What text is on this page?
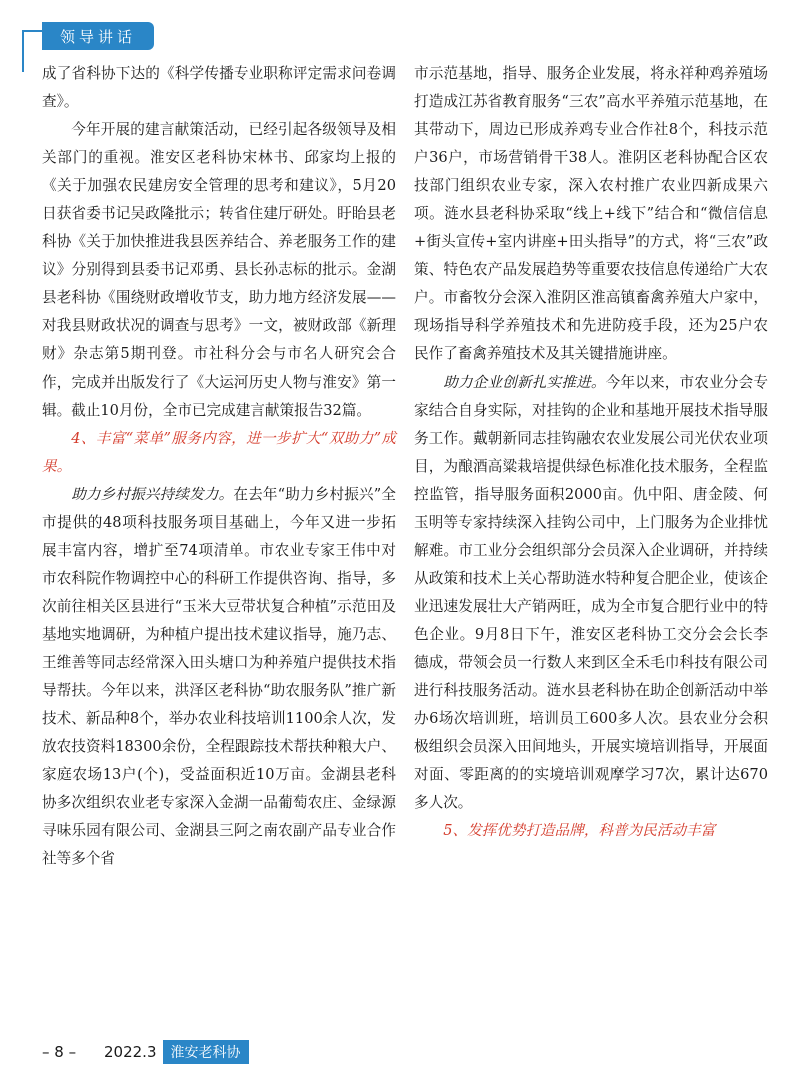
领导讲话

成了省科协下达的《科学传播专业职称评定需求问卷调查》。

今年开展的建言献策活动，已经引起各级领导及相关部门的重视。淮安区老科协宋林书、邱家均上报的《关于加强农民建房安全管理的思考和建议》，5月20日获省委书记吴政隆批示；转省住建厅研处。盱眙县老科协《关于加快推进我县医养结合、养老服务工作的建议》分别得到县委书记邓勇、县长孙志标的批示。金湖县老科协《围绕财政增收节支，助力地方经济发展——对我县财政状况的调查与思考》一文，被财政部《新理财》杂志第5期刊登。市社科分会与市名人研究会合作，完成并出版发行了《大运河历史人物与淮安》第一辑。截止10月份，全市已完成建言献策报告32篇。

4、丰富“菜单”服务内容，进一步扩大“双助力”成果。

助力乡村振兴持续发力。在去年“助力乡村振兴”全市提供的48项科技服务项目基础上，今年又进一步拓展丰富内容，增扩至74项清单。市农业专家王伟中对市农科院作物调控中心的科研工作提供咨询、指导，多次前往相关区县进行“玉米大豆带状复合种植”示范田及基地实地调研，为种植户提出技术建议指导，施乃志、王维善等同志经常深入田头塘口为种养殖户提供技术指导帮扶。今年以来，洪泽区老科协“助农服务队”推广新技术、新品种8个，举办农业科技培训1100余人次，发放农技资料18300余份，全程跟踪技术帮扶种粮大户、家庭农场13户(个)，受益面积近10万亩。金湖县老科协多次组织农业老专家深入金湖一品葡萄农庄、金绿源寻味乐园有限公司、金湖县三阿之南农副产品专业合作社等多个省

市示范基地，指导、服务企业发展，将永祥种鸡养殖场打造成江苏省教育服务“三农”高水平养殖示范基地，在其带动下，周边已形成养鸡专业合作社8个，科技示范户36户，市场营销骨干38人。淮阴区老科协配合区农技部门组织农业专家，深入农村推广农业四新成果六项。涟水县老科协采取“线上+线下”结合和“微信信息+街头宣传+室内讲座+田头指导”的方式，将“三农”政策、特色农产品发展趋势等重要农技信息传递给广大农户。市畜牧分会深入淮阴区淮高镇畜禽养殖大户家中，现场指导科学养殖技术和先进防疫手段，还为25户农民作了畜禽养殖技术及其关键措施讲座。

助力企业创新扎实推进。今年以来，市农业分会专家结合自身实际，对挂钩的企业和基地开展技术指导服务工作。戴朝新同志挂钩融农农业发展公司光伏农业项目，为酿酒高粱栽培提供绿色标准化技术服务，全程监控监管，指导服务面积2000亩。仇中阳、唐金陵、何玉明等专家持续深入挂钩公司中，上门服务为企业排忧解难。市工业分会组织部分会员深入企业调研，并持续从政策和技术上关心帮助涟水特种复合肥企业，使该企业迅速发展壮大产销两旺，成为全市复合肥行业中的特色企业。9月8日下午，淮安区老科协工交分会会长李德成，带领会员一行数人来到区全禾毛巾科技有限公司进行科技服务活动。涟水县老科协在助企创新活动中举办6场次培训班，培训员工600多人次。县农业分会积极组织会员深入田间地头，开展实境培训指导，开展面对面、零距离的的实境培训观摩学习7次，累计达670多人次。

5、发挥优势打造品牌，科普为民活动丰富

– 8 –	2022.3	淮安老科协
